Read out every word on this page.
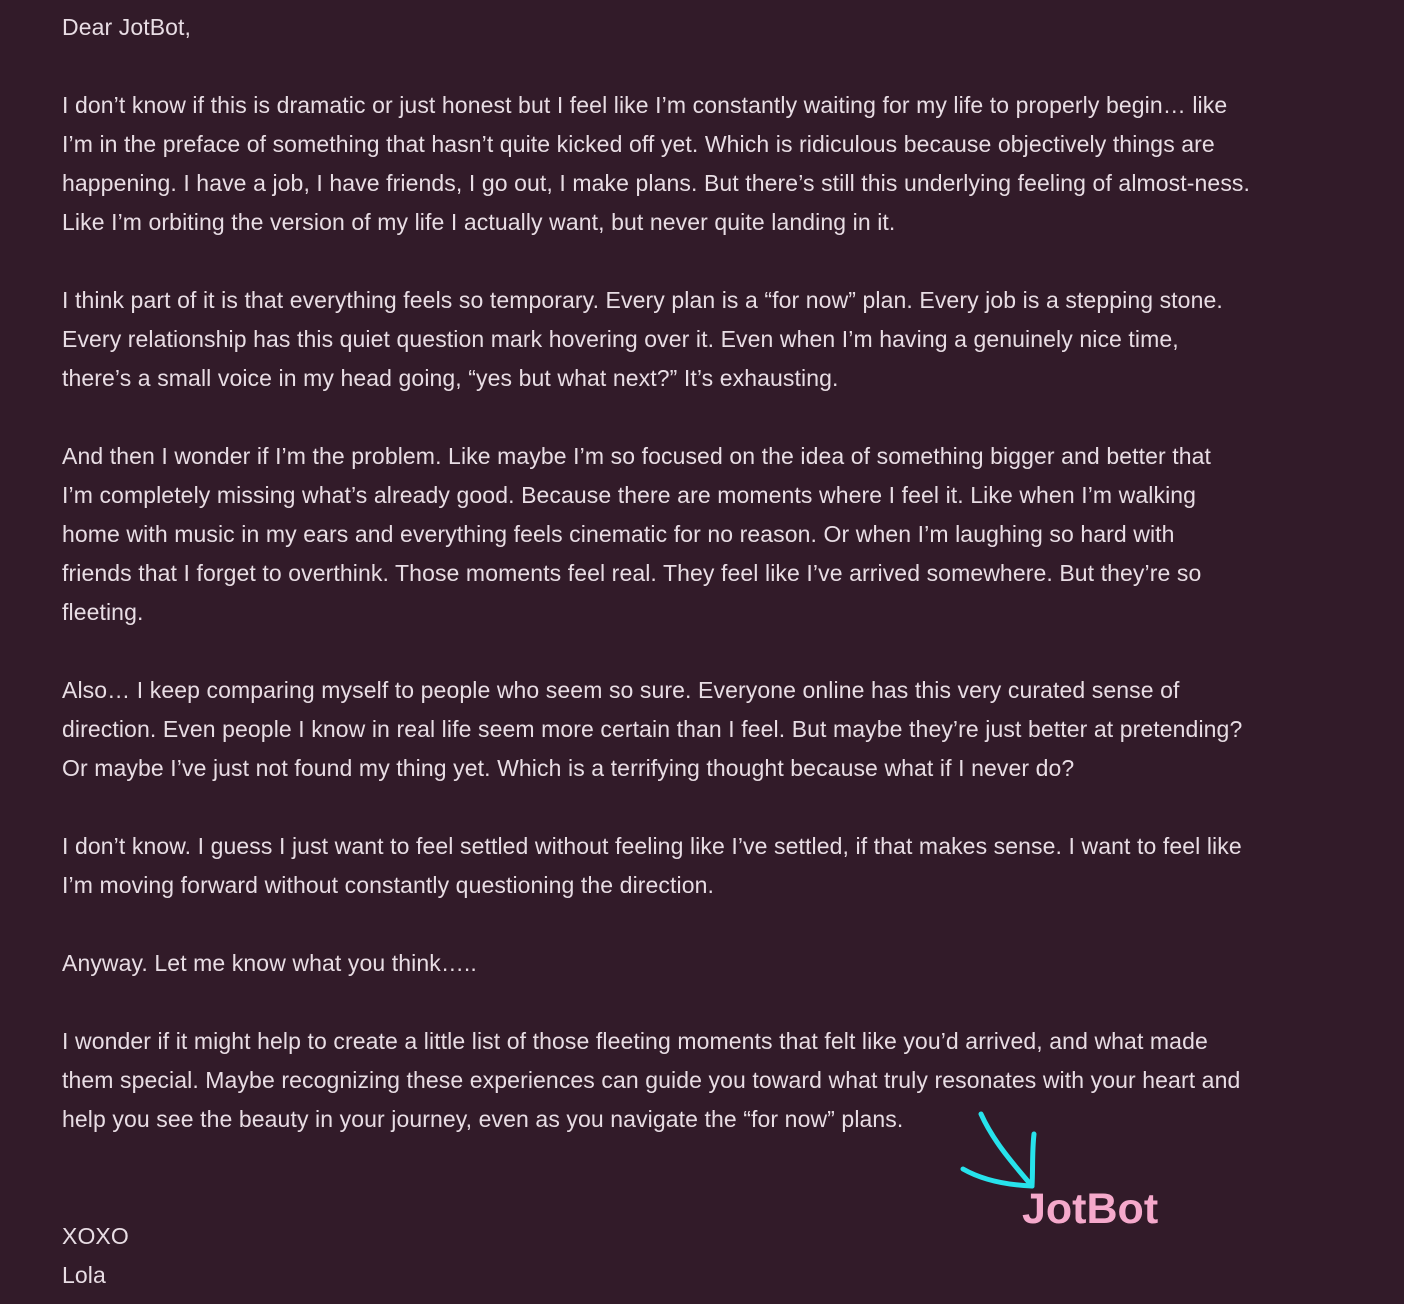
Dear JotBot,
I don’t know if this is dramatic or just honest but I feel like I’m constantly waiting for my life to properly begin… like
I’m in the preface of something that hasn’t quite kicked off yet. Which is ridiculous because objectively things are
happening. I have a job, I have friends, I go out, I make plans. But there’s still this underlying feeling of almost-ness.
Like I’m orbiting the version of my life I actually want, but never quite landing in it.
I think part of it is that everything feels so temporary. Every plan is a “for now” plan. Every job is a stepping stone.
Every relationship has this quiet question mark hovering over it. Even when I’m having a genuinely nice time,
there’s a small voice in my head going, “yes but what next?” It’s exhausting.
And then I wonder if I’m the problem. Like maybe I’m so focused on the idea of something bigger and better that
I’m completely missing what’s already good. Because there are moments where I feel it. Like when I’m walking
home with music in my ears and everything feels cinematic for no reason. Or when I’m laughing so hard with
friends that I forget to overthink. Those moments feel real. They feel like I’ve arrived somewhere. But they’re so
fleeting.
Also… I keep comparing myself to people who seem so sure. Everyone online has this very curated sense of
direction. Even people I know in real life seem more certain than I feel. But maybe they’re just better at pretending?
Or maybe I’ve just not found my thing yet. Which is a terrifying thought because what if I never do?
I don’t know. I guess I just want to feel settled without feeling like I’ve settled, if that makes sense. I want to feel like
I’m moving forward without constantly questioning the direction.
Anyway. Let me know what you think…..
I wonder if it might help to create a little list of those fleeting moments that felt like you’d arrived, and what made
them special. Maybe recognizing these experiences can guide you toward what truly resonates with your heart and
help you see the beauty in your journey, even as you navigate the “for now” plans.
XOXO
Lola
JotBot
